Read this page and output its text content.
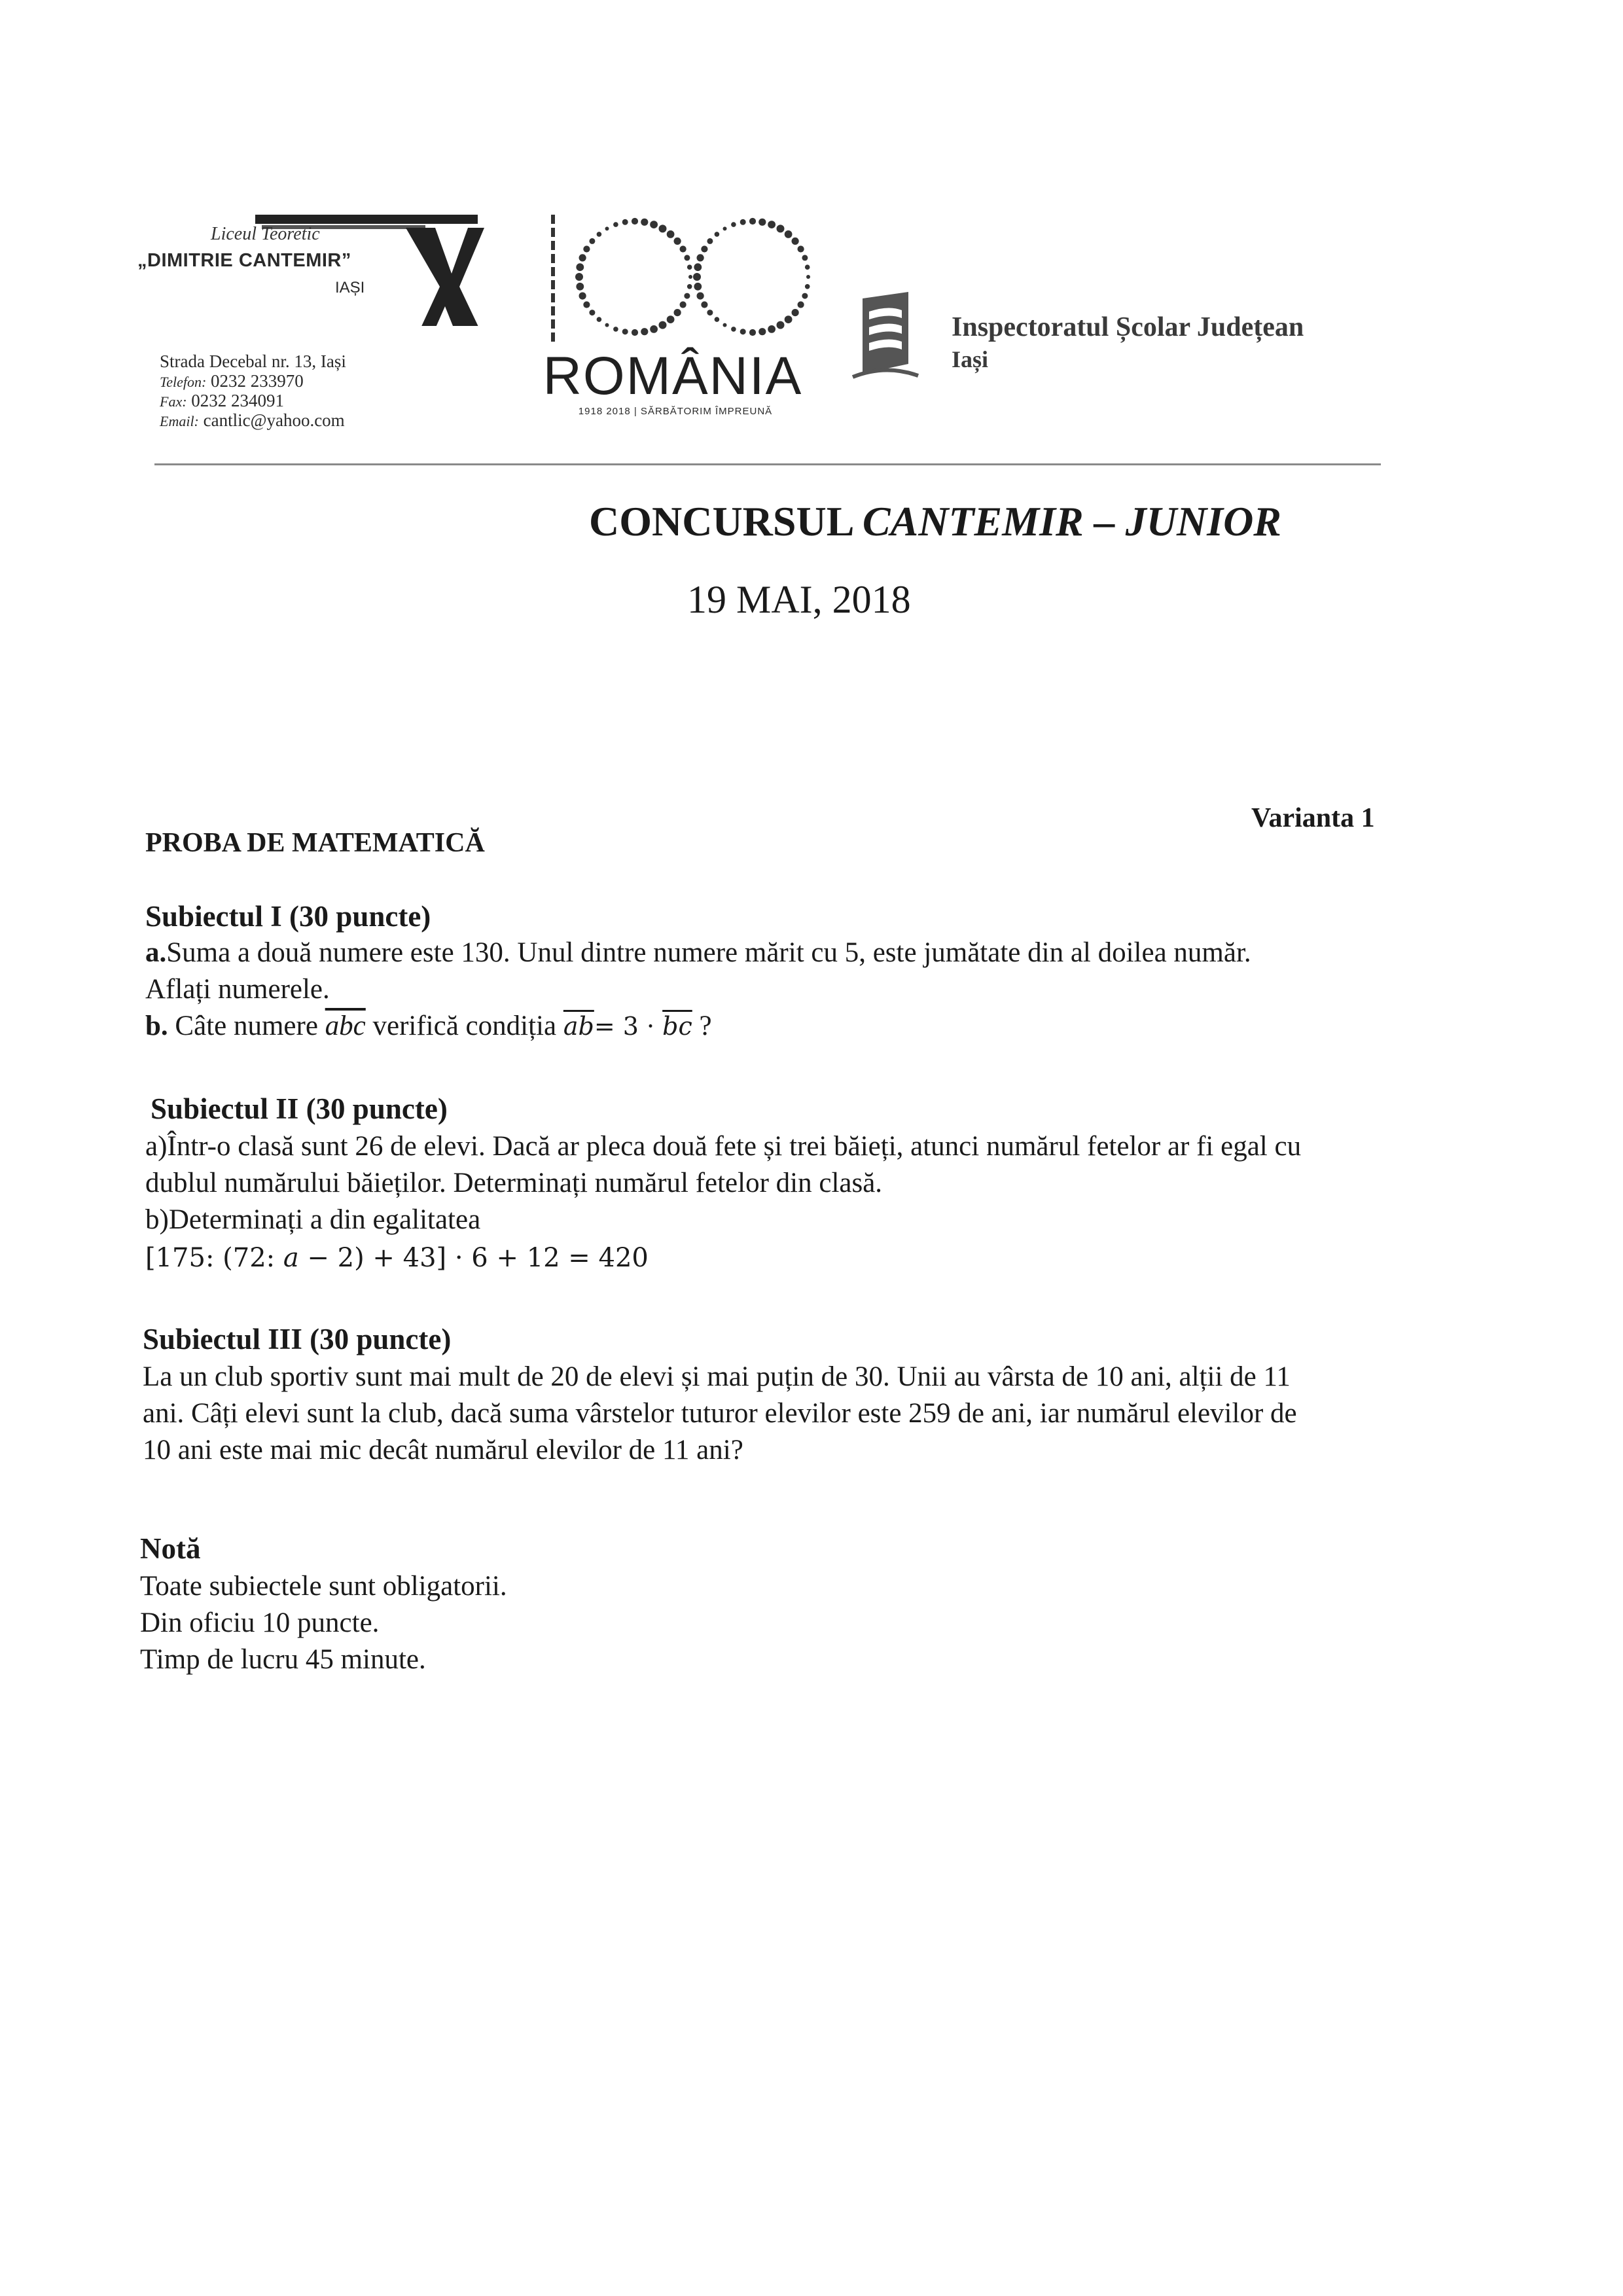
Liceul Teoretic
„DIMITRIE CANTEMIR”
IAȘI
Strada Decebal nr. 13, Iași
Telefon: 0232 233970
Fax: 0232 234091
Email: cantlic@yahoo.com
ROMÂNIA
1918 2018 | SĂRBĂTORIM ÎMPREUNĂ
Inspectoratul Școlar Județean
Iași
CONCURSUL CANTEMIR – JUNIOR
19 MAI, 2018
PROBA DE MATEMATICĂ
Varianta 1
Subiectul I (30 puncte)
a.Suma a două numere este 130. Unul dintre numere mărit cu 5, este jumătate din al doilea număr.
Aflați numerele.
b. Câte numere $\overline{abc}$ verifică condiția $\overline{ab}= 3 \cdot \overline{bc}$ ?
Subiectul II (30 puncte)
a)Într-o clasă sunt 26 de elevi. Dacă ar pleca două fete și trei băieți, atunci numărul fetelor ar fi egal cu
dublul numărului băieților. Determinați numărul fetelor din clasă.
b)Determinați a din egalitatea
[175: (72: a − 2) + 43] · 6 + 12 = 420
Subiectul III (30 puncte)
La un club sportiv sunt mai mult de 20 de elevi și mai puțin de 30. Unii au vârsta de 10 ani, alții de 11
ani. Câți elevi sunt la club, dacă suma vârstelor tuturor elevilor este 259 de ani, iar numărul elevilor de
10 ani este mai mic decât numărul elevilor de 11 ani?
Notă
Toate subiectele sunt obligatorii.
Din oficiu 10 puncte.
Timp de lucru 45 minute.
